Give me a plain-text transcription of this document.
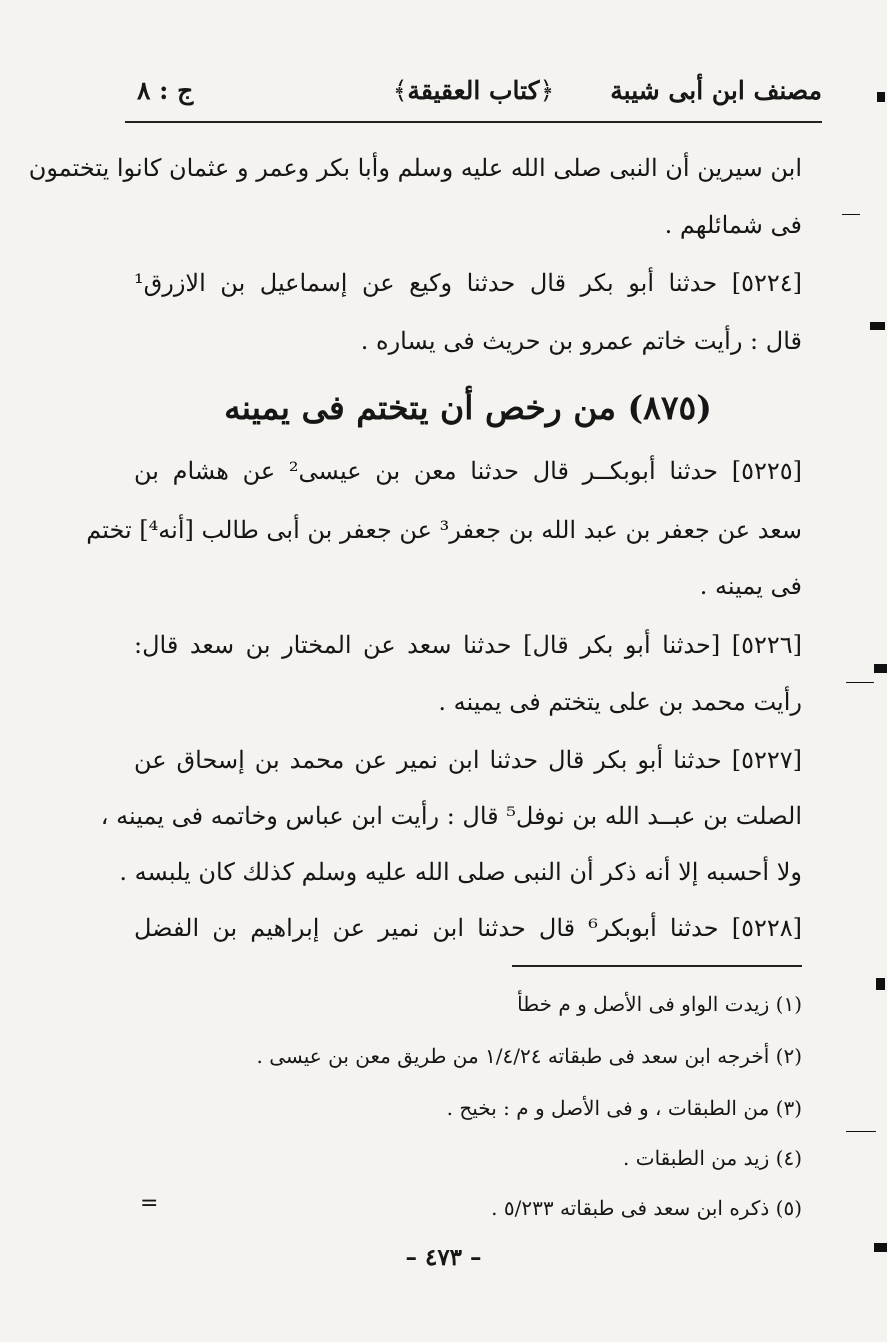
مصنف ابن أبى شيبة
﴿كتاب العقيقة﴾
ج : ٨
ابن سيرين أن النبى صلى الله عليه وسلم وأبا بكر وعمر و عثمان كانوا يتختمون
فى شمائلهم .
[٥٢٢٤] حدثنا أبو بكر قال حدثنا وكيع عن إسماعيل بن الازرق¹
قال : رأيت خاتم عمرو بن حريث فى يساره .
(٨٧٥) من رخص أن يتختم فى يمينه
[٥٢٢٥] حدثنا أبوبكــر قال حدثنا معن بن عيسى² عن هشام بن
سعد عن جعفر بن عبد الله بن جعفر³ عن جعفر بن أبى طالب [أنه⁴] تختم
فى يمينه .
[٥٢٢٦] [حدثنا أبو بكر قال] حدثنا سعد عن المختار بن سعد قال:
رأيت محمد بن على يتختم فى يمينه .
[٥٢٢٧] حدثنا أبو بكر قال حدثنا ابن نمير عن محمد بن إسحاق عن
الصلت بن عبــد الله بن نوفل⁵ قال : رأيت ابن عباس وخاتمه فى يمينه ،
ولا أحسبه إلا أنه ذكر أن النبى صلى الله عليه وسلم كذلك كان يلبسه .
[٥٢٢٨] حدثنا أبوبكر⁶ قال حدثنا ابن نمير عن إبراهيم بن الفضل
(١) زيدت الواو فى الأصل و م خطأ
(٢) أخرجه ابن سعد فى طبقاته ١/٤/٢٤ من طريق معن بن عيسى .
(٣) من الطبقات ، و فى الأصل و م : بخيح .
(٤) زيد من الطبقات .
(٥) ذكره ابن سعد فى طبقاته ٥/٢٣٣ .
=
– ٤٧٣ –
